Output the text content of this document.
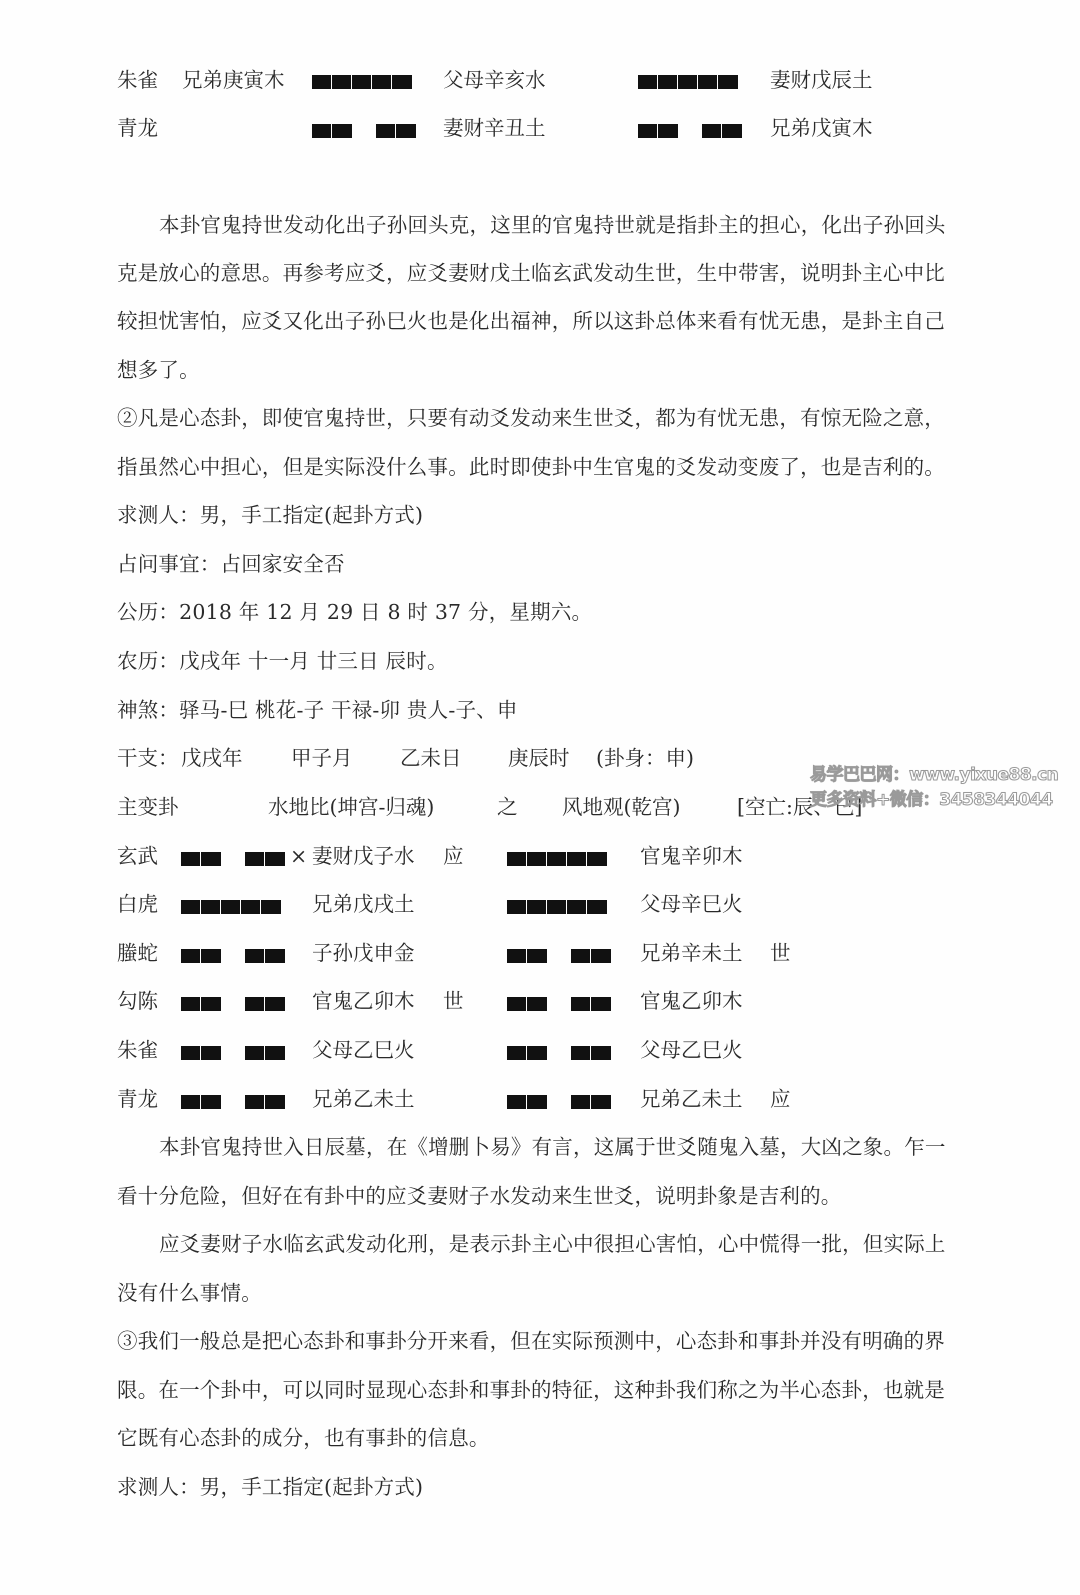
朱雀 兄弟庚寅木	父母辛亥水	妻财戊辰土
青龙	妻财辛丑土	兄弟戊寅木
本卦官鬼持世发动化出子孙回头克，这里的官鬼持世就是指卦主的担心，化出子孙回头
克是放心的意思。再参考应爻，应爻妻财戊土临玄武发动生世，生中带害，说明卦主心中比
较担忧害怕，应爻又化出子孙巳火也是化出福神，所以这卦总体来看有忧无患，是卦主自己
想多了。
②凡是心态卦，即使官鬼持世，只要有动爻发动来生世爻，都为有忧无患，有惊无险之意，
指虽然心中担心，但是实际没什么事。此时即使卦中生官鬼的爻发动变废了，也是吉利的。
求测人：男，手工指定(起卦方式)
占问事宜：占回家安全否
公历：2018 年 12 月 29 日 8 时 37 分，星期六。
农历：戊戌年 十一月 廿三日 辰时。
神煞：驿马-巳 桃花-子 干禄-卯 贵人-子、申
干支： 戊戌年 甲子月 乙未日 庚辰时 (卦身：申)
主变卦	水地比(坤宫-归魂)	之 风地观(乾宫)	[空亡:辰、巳]
易学巴巴网：www.yixue88.cn
更多资料+微信：3458344044
玄武	× 妻财戊子水 应	官鬼辛卯木
白虎	兄弟戊戌土	父母辛巳火
螣蛇	子孙戊申金	兄弟辛未土 世
勾陈	官鬼乙卯木 世	官鬼乙卯木
朱雀	父母乙巳火	父母乙巳火
青龙	兄弟乙未土	兄弟乙未土 应
本卦官鬼持世入日辰墓，在《增删卜易》有言，这属于世爻随鬼入墓，大凶之象。乍一
看十分危险，但好在有卦中的应爻妻财子水发动来生世爻，说明卦象是吉利的。
应爻妻财子水临玄武发动化刑，是表示卦主心中很担心害怕，心中慌得一批，但实际上
没有什么事情。
③我们一般总是把心态卦和事卦分开来看，但在实际预测中，心态卦和事卦并没有明确的界
限。在一个卦中，可以同时显现心态卦和事卦的特征，这种卦我们称之为半心态卦，也就是
它既有心态卦的成分，也有事卦的信息。
求测人：男，手工指定(起卦方式)
